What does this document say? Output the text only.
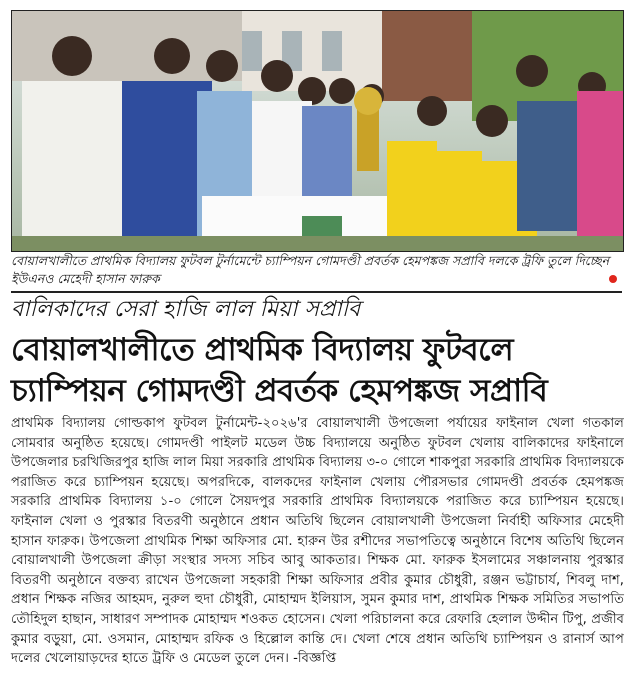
বোয়ালখালীতে প্রাথমিক বিদ্যালয় ফুটবল টুর্নামেন্টে চ্যাম্পিয়ন গোমদণ্ডী প্রবর্তক হেমপঙ্কজ সপ্রাবি দলকে ট্রফি তুলে দিচ্ছেন ইউএনও মেহেদী হাসান ফারুক
বালিকাদের সেরা হাজি লাল মিয়া সপ্রাবি
বোয়ালখালীতে প্রাথমিক বিদ্যালয় ফুটবলে চ্যাম্পিয়ন গোমদণ্ডী প্রবর্তক হেমপঙ্কজ সপ্রাবি
প্রাথমিক বিদ্যালয় গোল্ডকাপ ফুটবল টুর্নামেন্ট-২০২৬'র বোয়ালখালী উপজেলা পর্যায়ের ফাইনাল খেলা গতকাল সোমবার অনুষ্ঠিত হয়েছে। গোমদণ্ডী পাইলট মডেল উচ্চ বিদ্যালয়ে অনুষ্ঠিত ফুটবল খেলায় বালিকাদের ফাইনালে উপজেলার চরখিজিরপুর হাজি লাল মিয়া সরকারি প্রাথমিক বিদ্যালয় ৩-০ গোলে শাকপুরা সরকারি প্রাথমিক বিদ্যালয়কে পরাজিত করে চ্যাম্পিয়ন হয়েছে। অপরদিকে, বালকদের ফাইনাল খেলায় পৌরসভার গোমদণ্ডী প্রবর্তক হেমপঙ্কজ সরকারি প্রাথমিক বিদ্যালয় ১-০ গোলে সৈয়দপুর সরকারি প্রাথমিক বিদ্যালয়কে পরাজিত করে চ্যাম্পিয়ন হয়েছে। ফাইনাল খেলা ও পুরস্কার বিতরণী অনুষ্ঠানে প্রধান অতিথি ছিলেন বোয়ালখালী উপজেলা নির্বাহী অফিসার মেহেদী হাসান ফারুক। উপজেলা প্রাথমিক শিক্ষা অফিসার মো. হারুন উর রশীদের সভাপতিত্বে অনুষ্ঠানে বিশেষ অতিথি ছিলেন বোয়ালখালী উপজেলা ক্রীড়া সংস্থার সদস্য সচিব আবু আকতার। শিক্ষক মো. ফারুক ইসলামের সঞ্চালনায় পুরস্কার বিতরণী অনুষ্ঠানে বক্তব্য রাখেন উপজেলা সহকারী শিক্ষা অফিসার প্রবীর কুমার চৌধুরী, রঞ্জন ভট্টাচার্য, শিবলু দাশ, প্রধান শিক্ষক নজির আহমদ, নুরুল হুদা চৌধুরী, মোহাম্মদ ইলিয়াস, সুমন কুমার দাশ, প্রাথমিক শিক্ষক সমিতির সভাপতি তৌহিদুল হাছান, সাধারণ সম্পাদক মোহাম্মদ শওকত হোসেন। খেলা পরিচালনা করে রেফারি হেলাল উদ্দীন টিপু, প্রজীব কুমার বড়ুয়া, মো. ওসমান, মোহাম্মদ রফিক ও হিল্লোল কান্তি দে। খেলা শেষে প্রধান অতিথি চ্যাম্পিয়ন ও রানার্স আপ দলের খেলোয়াড়দের হাতে ট্রফি ও মেডেল তুলে দেন। -বিজ্ঞপ্তি
